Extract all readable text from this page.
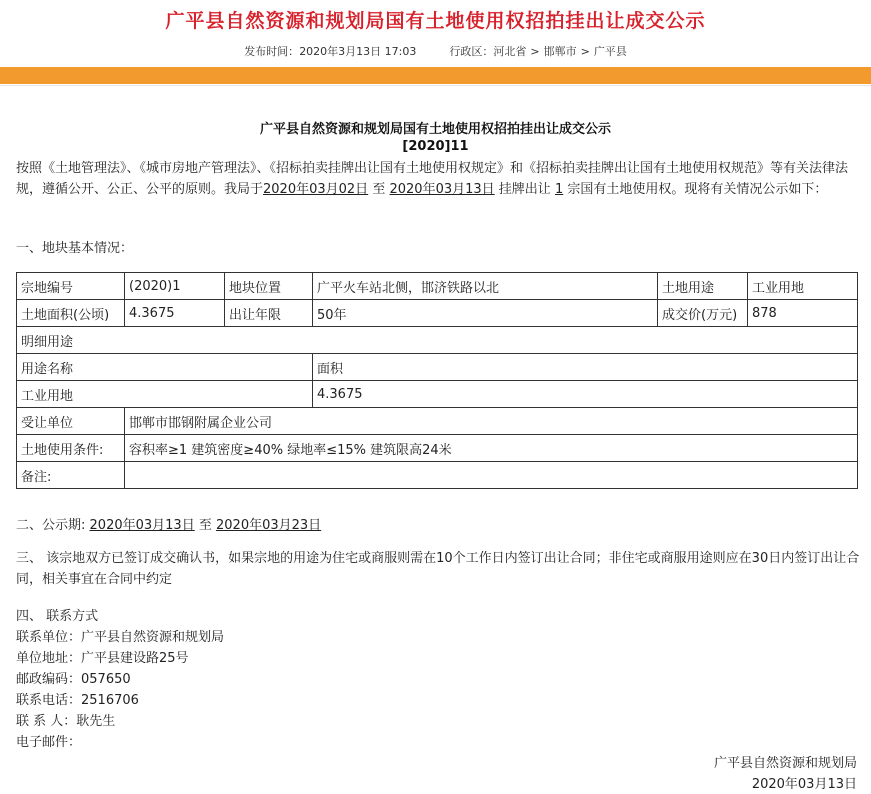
广平县自然资源和规划局国有土地使用权招拍挂出让成交公示
发布时间：2020年3月13日 17:03	行政区：河北省 > 邯郸市 > 广平县
广平县自然资源和规划局国有土地使用权招拍挂出让成交公示
[2020]11
按照《土地管理法》、《城市房地产管理法》、《招标拍卖挂牌出让国有土地使用权规定》和《招标拍卖挂牌出让国有土地使用权规范》等有关法律法规，遵循公开、公正、公平的原则。我局于2020年03月02日 至 2020年03月13日 挂牌出让 1 宗国有土地使用权。现将有关情况公示如下：
一、地块基本情况：
宗地编号	(2020)1	地块位置	广平火车站北侧，邯济铁路以北	土地用途	工业用地
土地面积(公顷)	4.3675	出让年限	50年	成交价(万元)	878
明细用途					
用途名称			面积		
工业用地			4.3675		
受让单位	邯郸市邯钢附属企业公司				
土地使用条件:	容积率≥1 建筑密度≥40% 绿地率≤15% 建筑限高24米				
备注:					
二、公示期: 2020年03月13日 至 2020年03月23日
三、 该宗地双方已签订成交确认书，如果宗地的用途为住宅或商服则需在10个工作日内签订出让合同；非住宅或商服用途则应在30日内签订出让合同，相关事宜在合同中约定
四、 联系方式
联系单位：广平县自然资源和规划局
单位地址：广平县建设路25号
邮政编码：057650
联系电话：2516706
联 系 人：耿先生
电子邮件：
广平县自然资源和规划局
2020年03月13日
